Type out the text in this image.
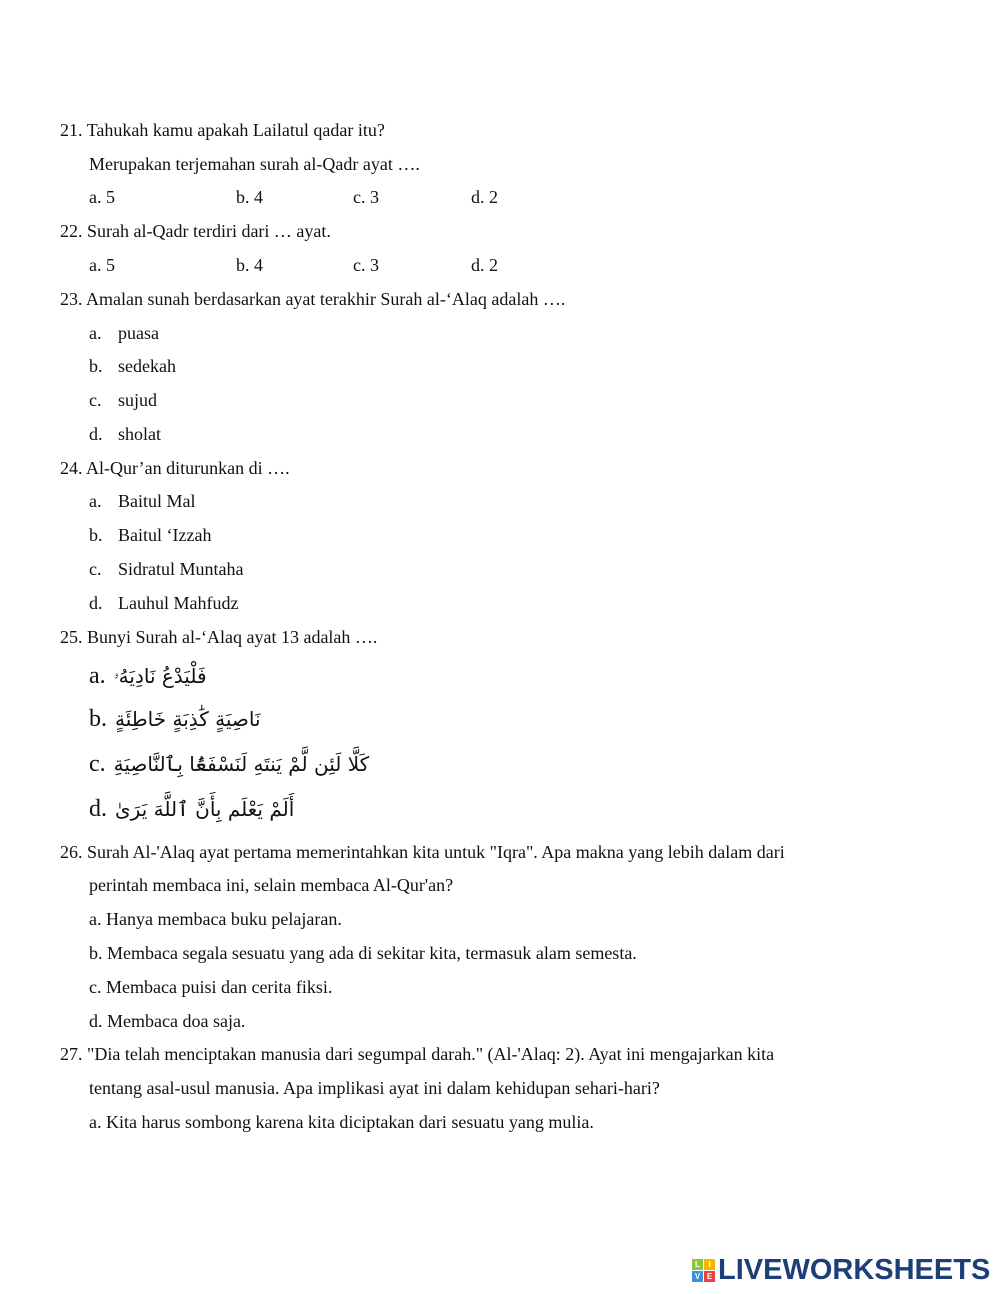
21. Tahukah kamu apakah Lailatul qadar itu?
Merupakan terjemahan surah al-Qadr ayat ….
a. 5	b. 4	c. 3	d. 2
22. Surah al-Qadr terdiri dari … ayat.
a. 5	b. 4	c. 3	d. 2
23. Amalan sunah berdasarkan ayat terakhir Surah al-‘Alaq adalah ….
a. puasa
b. sedekah
c. sujud
d. sholat
24. Al-Qur’an diturunkan di ….
a. Baitul Mal
b. Baitul ‘Izzah
c. Sidratul Muntaha
d. Lauhul Mahfudz
25. Bunyi Surah al-‘Alaq ayat 13 adalah ….
a. فَلْيَدْعُ نَادِيَهُۥ
b. نَاصِيَةٍ كَٰذِبَةٍ خَاطِئَةٍ
c. كَلَّا لَئِن لَّمْ يَنتَهِ لَنَسْفَعًۢا بِٱلنَّاصِيَةِ
d. أَلَمْ يَعْلَم بِأَنَّ ٱللَّهَ يَرَىٰ
26. Surah Al-'Alaq ayat pertama memerintahkan kita untuk "Iqra". Apa makna yang lebih dalam dari
perintah membaca ini, selain membaca Al-Qur'an?
a. Hanya membaca buku pelajaran.
b. Membaca segala sesuatu yang ada di sekitar kita, termasuk alam semesta.
c. Membaca puisi dan cerita fiksi.
d. Membaca doa saja.
27. "Dia telah menciptakan manusia dari segumpal darah." (Al-'Alaq: 2). Ayat ini mengajarkan kita
tentang asal-usul manusia. Apa implikasi ayat ini dalam kehidupan sehari-hari?
a. Kita harus sombong karena kita diciptakan dari sesuatu yang mulia.
L	I
V E LIVEWORKSHEETS
